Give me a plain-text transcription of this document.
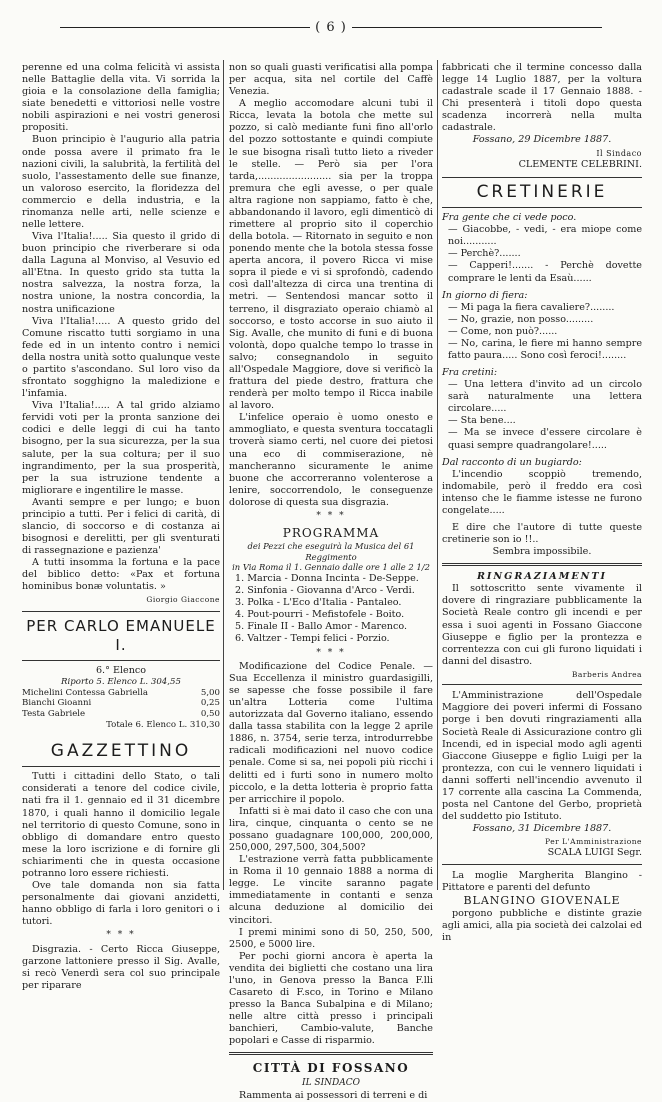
( 6 )

perenne ed una colma felicità vi assista nelle Battaglie della vita. Vi sorrida la gioia e la consolazione della famiglia; siate benedetti e vittoriosi nelle vostre nobili aspirazioni e nei vostri generosi propositi.

Buon principio è l'augurio alla patria onde possa avere il primato fra le nazioni civili, la salubrità, la fertilità del suolo, l'assestamento delle sue finanze, un valoroso esercito, la floridezza del commercio e della industria, e la rinomanza nelle arti, nelle scienze e nelle lettere.

Viva l'Italia!..... Sia questo il grido di buon principio che riverberare si oda dalla Laguna al Monviso, al Vesuvio ed all'Etna. In questo grido sta tutta la nostra salvezza, la nostra forza, la nostra unione, la nostra concordia, la nostra unificazione

Viva l'Italia!..... A questo grido del Comune riscatto tutti sorgiamo in una fede ed in un intento contro i nemici della nostra unità sotto qualunque veste o partito s'ascondano. Sul loro viso da sfrontato sogghigno la maledizione e l'infamia.

Viva l'Italia!..... A tal grido alziamo fervidi voti per la pronta sanzione dei codici e delle leggi di cui ha tanto bisogno, per la sua sicurezza, per la sua salute, per la sua coltura; per il suo ingrandimento, per la sua prosperità, per la sua istruzione tendente a migliorare e ingentilire le masse.

Avanti sempre e per lungo; e buon principio a tutti. Per i felici di carità, di slancio, di soccorso e di costanza ai bisognosi e derelitti, per gli sventurati di rassegnazione e pazienza'

A tutti insomma la fortuna e la pace del biblico detto: «Pax et fortuna hominibus bonæ voluntatis. »

Giorgio Giaccone
PER CARLO EMANUELE I.
6.° Elenco
Riporto 5. Elenco L. 304,55
Michelini Contessa Gabriella	5,00
Bianchi Gioanni	0,25
Testa Gabriele	0,50
Totale 6. Elenco L. 310,30
GAZZETTINO

Tutti i cittadini dello Stato, o tali considerati a tenore del codice civile, nati fra il 1. gennaio ed il 31 dicembre 1870, i quali hanno il domicilio legale nel territorio di questo Comune, sono in obbligo di domandare entro questo mese la loro iscrizione e di fornire gli schiarimenti che in questa occasione potranno loro essere richiesti.

Ove tale domanda non sia fatta personalmente dai giovani anzidetti, hanno obbligo di farla i loro genitori o i tutori.

* * *

Disgrazia. - Certo Ricca Giuseppe, garzone lattoniere presso il Sig. Avalle, si recò Venerdì sera col suo principale per riparare

non so quali guasti verificatisi alla pompa per acqua, sita nel cortile del Caffè Venezia.

A meglio accomodare alcuni tubi il Ricca, levata la botola che mette sul pozzo, si calò mediante funi fino all'orlo del pozzo sottostante e quindi compiute le sue bisogna risalì tutto lieto a riveder le stelle. — Però sia per l'ora tarda,........................ sia per la troppa premura che egli avesse, o per quale altra ragione non sappiamo, fatto è che, abbandonando il lavoro, egli dimenticò di rimettere al proprio sito il coperchio della botola. — Ritornato in seguito e non ponendo mente che la botola stessa fosse aperta ancora, il povero Ricca vi mise sopra il piede e vi si sprofondò, cadendo così dall'altezza di circa una trentina di metri. — Sentendosi mancar sotto il terreno, il disgraziato operaio chiamò al soccorso, e tosto accorse in suo aiuto il Sig. Avalle, che munito di funi e di buona volontà, dopo qualche tempo lo trasse in salvo; consegnandolo in seguito all'Ospedale Maggiore, dove si verificò la frattura del piede destro, frattura che renderà per molto tempo il Ricca inabile al lavoro.

L'infelice operaio è uomo onesto e ammogliato, e questa sventura toccatagli troverà siamo certi, nel cuore dei pietosi una eco di commiserazione, nè mancheranno sicuramente le anime buone che accorreranno volenterose a lenire, soccorrendolo, le conseguenze dolorose di questa sua disgrazia.

* * *
PROGRAMMA
dei Pezzi che eseguirà la Musica del 61 Reggimento
in Via Roma il 1. Gennaio dalle ore 1 alle 2 1/2
1. Marcia - Donna Incinta - De-Seppe.
2. Sinfonia - Giovanna d'Arco - Verdi.
3. Polka - L'Eco d'Italia - Pantaleo.
4. Pout-pourri - Mefistofele - Boito.
5. Finale II - Ballo Amor - Marenco.
6. Valtzer - Tempi felici - Porzio.
* * *

Modificazione del Codice Penale. — Sua Eccellenza il ministro guardasigilli, se sapesse che fosse possibile il fare un'altra Lotteria come l'ultima autorizzata dal Governo italiano, essendo dalla tassa stabilita con la legge 2 aprile 1886, n. 3754, serie terza, introdurrebbe radicali modificazioni nel nuovo codice penale. Come si sa, nei popoli più ricchi i delitti ed i furti sono in numero molto piccolo, e la detta lotteria è proprio fatta per arricchire il popolo.

Infatti si è mai dato il caso che con una lira, cinque, cinquanta o cento se ne possano guadagnare 100,000, 200,000, 250,000, 297,500, 304,500?

L'estrazione verrà fatta pubblicamente in Roma il 10 gennaio 1888 a norma di legge. Le vincite saranno pagate immediatamente in contanti e senza alcuna deduzione al domicilio dei vincitori.

I premi minimi sono di 50, 250, 500, 2500, e 5000 lire.

Per pochi giorni ancora è aperta la vendita dei biglietti che costano una lira l'uno, in Genova presso la Banca F.lli Casareto di F.sco, in Torino e Milano presso la Banca Subalpina e di Milano; nelle altre città presso i principali banchieri, Cambio-valute, Banche popolari e Casse di risparmio.

CITTÀ DI FOSSANO
IL SINDACO

Rammenta ai possessori di terreni e di

fabbricati che il termine concesso dalla legge 14 Luglio 1887, per la voltura cadastrale scade il 17 Gennaio 1888. - Chi presenterà i titoli dopo questa scadenza incorrerà nella multa cadastrale.

Fossano, 29 Dicembre 1887.
Il Sindaco
CLEMENTE CELEBRINI.
CRETINERIE
Fra gente che ci vede poco.
— Giacobbe, - vedi, - era miope come noi...........
— Perchè?.......
— Capperi!....... - Perchè dovette comprare le lenti da Esaù......
In giorno di fiera:
— Mi paga la fiera cavaliere?........
— No, grazie, non posso.........
— Come, non può?......
— No, carina, le fiere mi hanno sempre fatto paura..... Sono così feroci!........
Fra cretini:
— Una lettera d'invito ad un circolo sarà naturalmente una lettera circolare.....
— Sta bene....
— Ma se invece d'essere circolare è quasi sempre quadrangolare!.....
Dal racconto di un bugiardo:

L'incendio scoppiò tremendo, indomabile, però il freddo era così intenso che le fiamme istesse ne furono congelate.....

E dire che l'autore di tutte queste cretinerie son io !!..

Sembra impossibile.
RINGRAZIAMENTI

Il sottoscritto sente vivamente il dovere di ringraziare pubblicamente la Società Reale contro gli incendi e per essa i suoi agenti in Fossano Giaccone Giuseppe e figlio per la prontezza e correntezza con cui gli furono liquidati i danni del disastro.

Barberis Andrea

L'Amministrazione dell'Ospedale Maggiore dei poveri infermi di Fossano porge i ben dovuti ringraziamenti alla Società Reale di Assicurazione contro gli Incendi, ed in ispecial modo agli agenti Giaccone Giuseppe e figlio Luigi per la prontezza, con cui le vennero liquidati i danni sofferti nell'incendio avvenuto il 17 corrente alla cascina La Commenda, posta nel Cantone del Gerbo, proprietà del suddetto pio Istituto.

Fossano, 31 Dicembre 1887.
Per L'Amministrazione
SCALA LUIGI Segr.

La moglie Margherita Blangino - Pittatore e parenti del defunto

BLANGINO GIOVENALE

porgono pubbliche e distinte grazie agli amici, alla pia società dei calzolai ed in
